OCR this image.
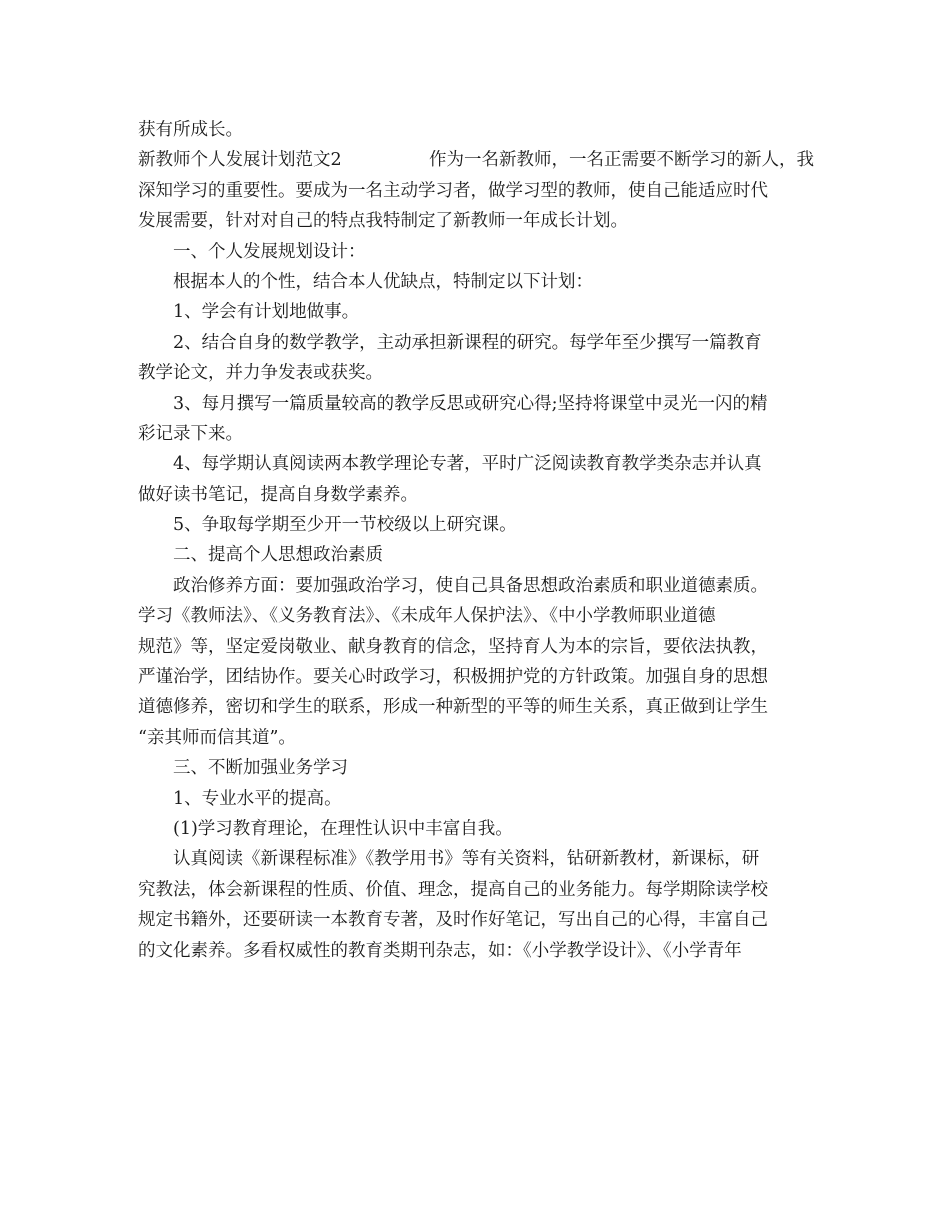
获有所成长。
新教师个人发展计划范文2	作为一名新教师，一名正需要不断学习的新人，我
深知学习的重要性。要成为一名主动学习者，做学习型的教师，使自己能适应时代
发展需要，针对对自己的特点我特制定了新教师一年成长计划。
一、个人发展规划设计：
根据本人的个性，结合本人优缺点，特制定以下计划：
1、学会有计划地做事。
2、结合自身的数学教学，主动承担新课程的研究。每学年至少撰写一篇教育
教学论文，并力争发表或获奖。
3、每月撰写一篇质量较高的教学反思或研究心得;坚持将课堂中灵光一闪的精
彩记录下来。
4、每学期认真阅读两本教学理论专著，平时广泛阅读教育教学类杂志并认真
做好读书笔记，提高自身数学素养。
5、争取每学期至少开一节校级以上研究课。
二、提高个人思想政治素质
政治修养方面：要加强政治学习，使自己具备思想政治素质和职业道德素质。
学习《教师法》、《义务教育法》、《未成年人保护法》、《中小学教师职业道德
规范》等，坚定爱岗敬业、献身教育的信念，坚持育人为本的宗旨，要依法执教，
严谨治学，团结协作。要关心时政学习，积极拥护党的方针政策。加强自身的思想
道德修养，密切和学生的联系，形成一种新型的平等的师生关系，真正做到让学生
“亲其师而信其道”。
三、不断加强业务学习
1、专业水平的提高。
(1)学习教育理论，在理性认识中丰富自我。
认真阅读《新课程标准》《教学用书》等有关资料，钻研新教材，新课标，研
究教法，体会新课程的性质、价值、理念，提高自己的业务能力。每学期除读学校
规定书籍外，还要研读一本教育专著，及时作好笔记，写出自己的心得，丰富自己
的文化素养。多看权威性的教育类期刊杂志，如：《小学教学设计》、《小学青年
